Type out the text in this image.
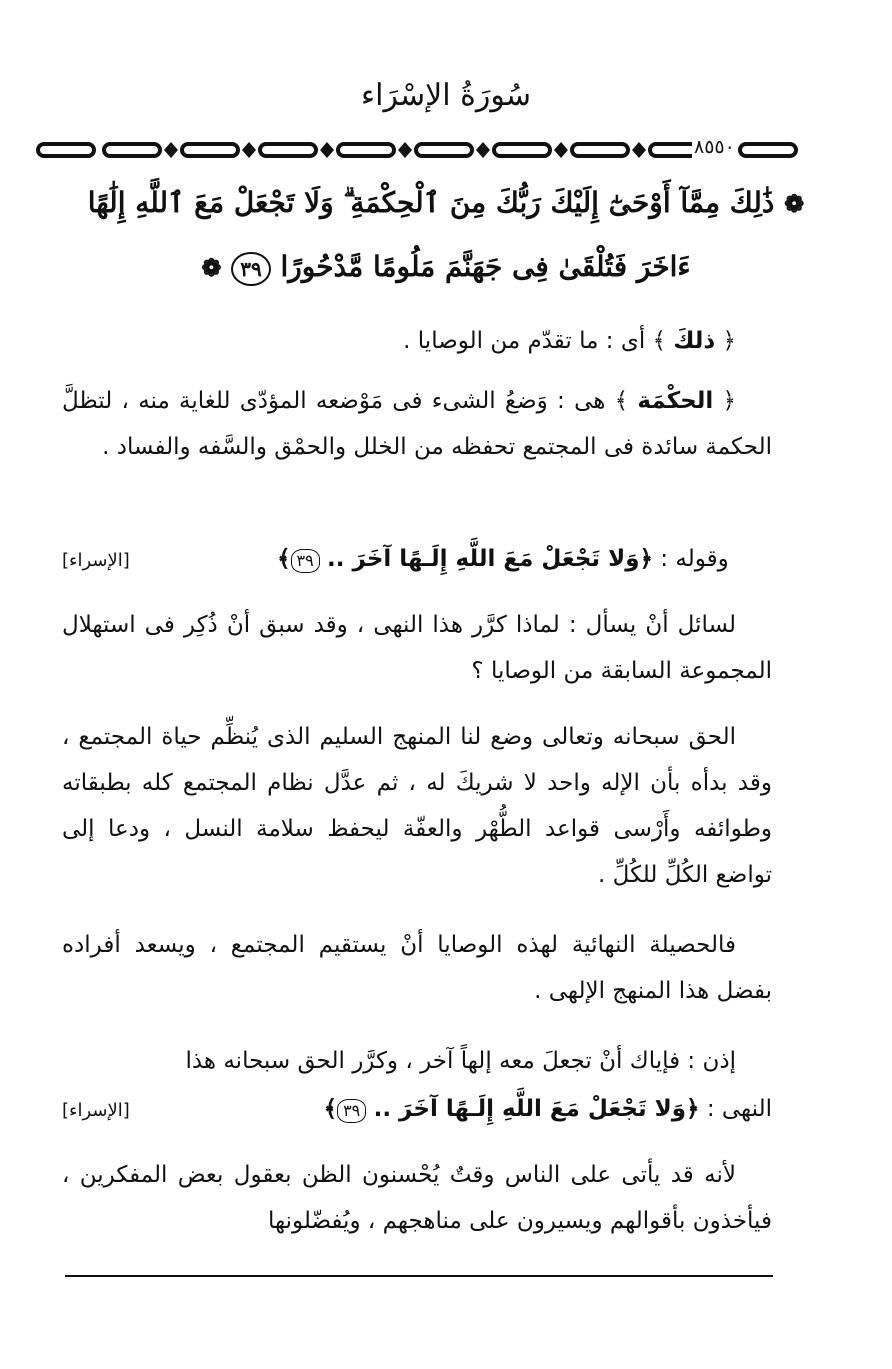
سُورَةُ الإسْرَاء
٨٥٥٠
❁ ذَٰلِكَ مِمَّآ أَوْحَىٰٓ إِلَيْكَ رَبُّكَ مِنَ ٱلْحِكْمَةِ ۗ وَلَا تَجْعَلْ مَعَ ٱللَّهِ إِلَٰهًا
ءَاخَرَ فَتُلْقَىٰ فِى جَهَنَّمَ مَلُومًا مَّدْحُورًا ٣٩ ❁
﴿ ذلكَ ﴾ أى : ما تقدّم من الوصايا .
﴿ الحكْمَة ﴾ هى : وَضعُ الشىء فى مَوْضعه المؤدّى للغاية منه ، لتظلَّ الحكمة سائدة فى المجتمع تحفظه من الخلل والحمْق والسَّفه والفساد .
وقوله : ﴿وَلا تَجْعَلْ مَعَ اللَّهِ إِلَـهًا آخَرَ .. ٣٩﴾
[الإسراء]
لسائل أنْ يسأل : لماذا كرَّر هذا النهى ، وقد سبق أنْ ذُكِر فى استهلال المجموعة السابقة من الوصايا ؟
الحق سبحانه وتعالى وضع لنا المنهج السليم الذى يُنظِّم حياة المجتمع ، وقد بدأه بأن الإله واحد لا شريكَ له ، ثم عدَّل نظام المجتمع كله بطبقاته وطوائفه وأَرْسى قواعد الطُّهْر والعفّة ليحفظ سلامة النسل ، ودعا إلى تواضع الكُلِّ للكُلِّ .
فالحصيلة النهائية لهذه الوصايا أنْ يستقيم المجتمع ، ويسعد أفراده بفضل هذا المنهج الإلهى .
إذن : فإياك أنْ تجعلَ معه إلهاً آخر ، وكرَّر الحق سبحانه هذا
النهى : ﴿وَلا تَجْعَلْ مَعَ اللَّهِ إِلَـهًا آخَرَ .. ٣٩﴾
[الإسراء]
لأنه قد يأتى على الناس وقتٌ يُحْسنون الظن بعقول بعض المفكرين ، فيأخذون بأقوالهم ويسيرون على مناهجهم ، ويُفضّلونها
